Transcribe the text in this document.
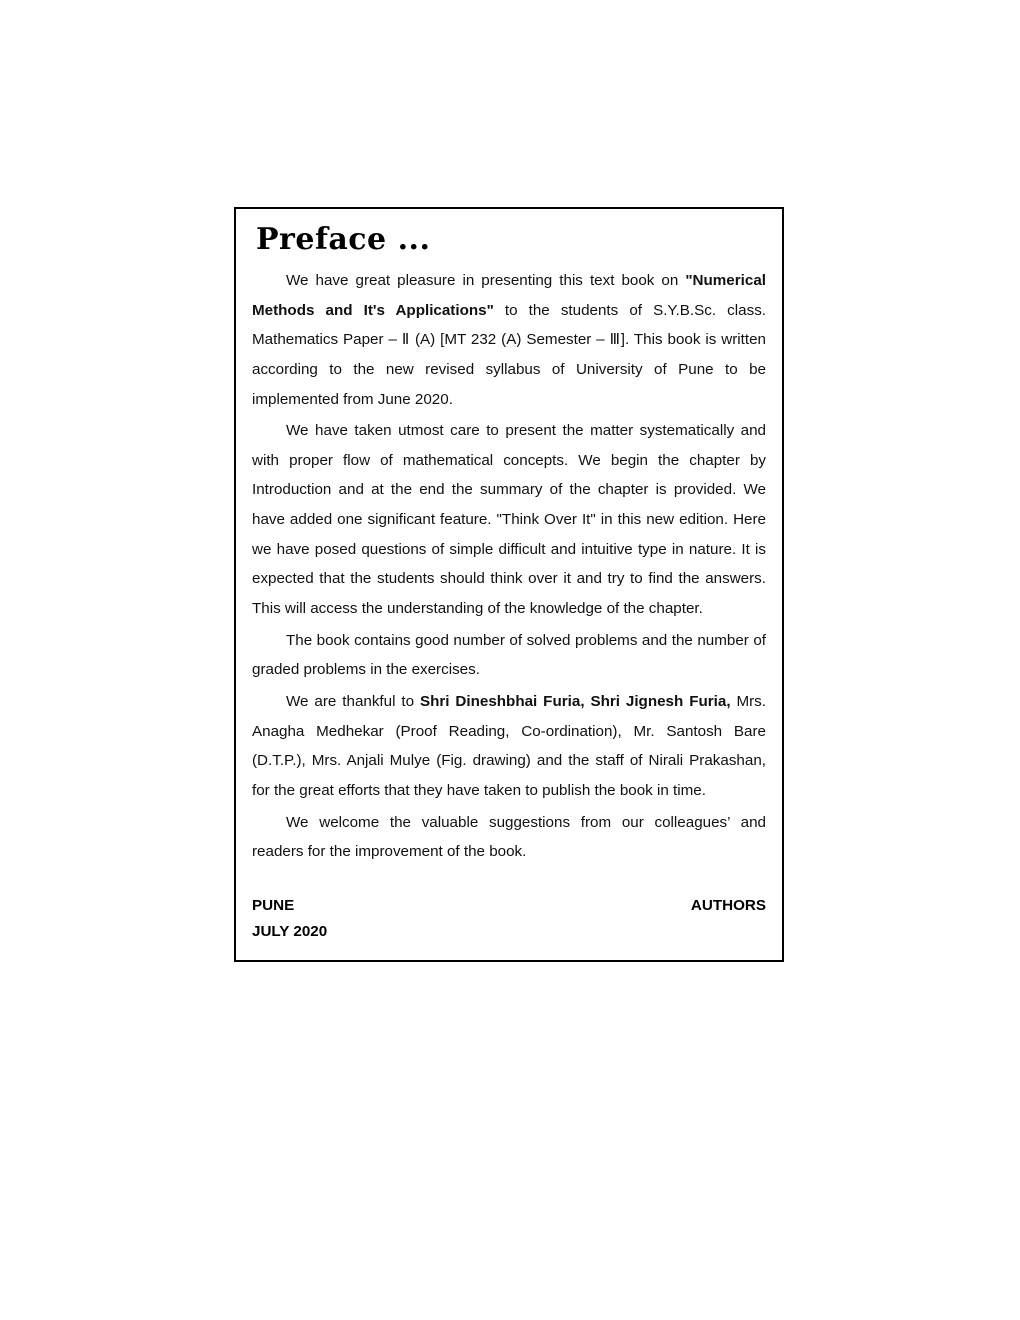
Preface ...

We have great pleasure in presenting this text book on "Numerical Methods and It's Applications" to the students of S.Y.B.Sc. class. Mathematics Paper – Ⅱ (A) [MT 232 (A) Semester – Ⅲ]. This book is written according to the new revised syllabus of University of Pune to be implemented from June 2020.

We have taken utmost care to present the matter systematically and with proper flow of mathematical concepts. We begin the chapter by Introduction and at the end the summary of the chapter is provided. We have added one significant feature. "Think Over It" in this new edition. Here we have posed questions of simple difficult and intuitive type in nature. It is expected that the students should think over it and try to find the answers. This will access the understanding of the knowledge of the chapter.

The book contains good number of solved problems and the number of graded problems in the exercises.

We are thankful to Shri Dineshbhai Furia, Shri Jignesh Furia, Mrs. Anagha Medhekar (Proof Reading, Co-ordination), Mr. Santosh Bare (D.T.P.), Mrs. Anjali Mulye (Fig. drawing) and the staff of Nirali Prakashan, for the great efforts that they have taken to publish the book in time.

We welcome the valuable suggestions from our colleagues’ and readers for the improvement of the book.

PUNE
JULY 2020
AUTHORS
